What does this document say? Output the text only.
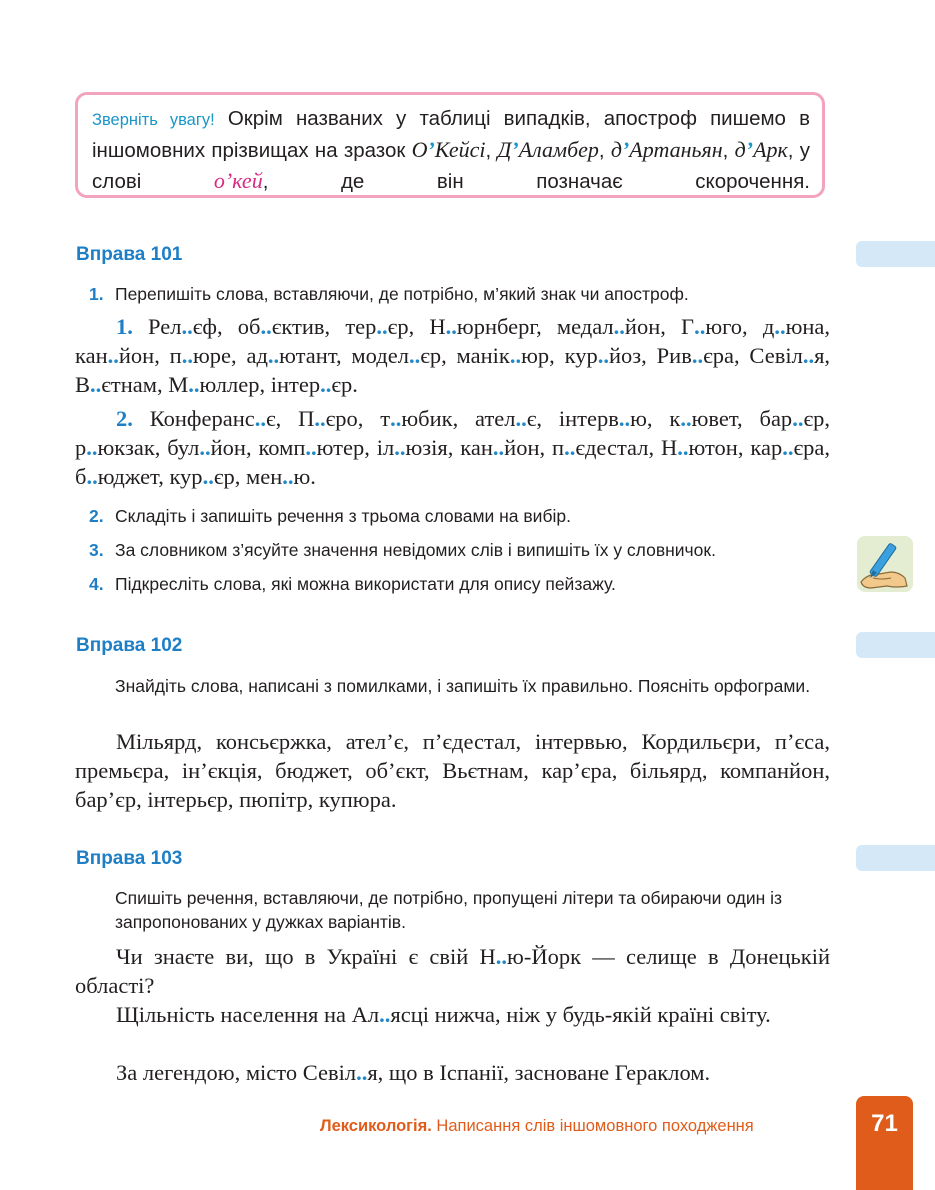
Зверніть увагу! Окрім названих у таблиці випадків, апостроф пишемо в іншомовних прізвищах на зразок О’Кейсі, Д’Аламбер, д’Артаньян, д’Арк, у слові о’кей, де він позначає скорочення.

Вправа 101

1. Перепишіть слова, вставляючи, де потрібно, м’який знак чи апостроф.

1. Рел..єф, об..єктив, тер..єр, Н..юрнберг, медал..йон, Г..юго, д..юна, кан..йон, п..юре, ад..ютант, модел..єр, манік..юр, кур..йоз, Рив..єра, Севіл..я, В..єтнам, М..юллер, інтер..єр.

2. Конферанс..є, П..єро, т..юбик, ател..є, інтерв..ю, к..ювет, бар..єр, р..юкзак, бул..йон, комп..ютер, іл..юзія, кан..йон, п..єдестал, Н..ютон, кар..єра, б..юджет, кур..єр, мен..ю.

2. Складіть і запишіть речення з трьома словами на вибір.

3. За словником з’ясуйте значення невідомих слів і випишіть їх у словничок.

4. Підкресліть слова, які можна використати для опису пейзажу.

Вправа 102

Знайдіть слова, написані з помилками, і запишіть їх правильно. Поясніть орфограми.

Мільярд, консьєржка, ател’є, п’єдестал, інтервью, Кордильєри, п’єса, премьєра, ін’єкція, бюджет, об’єкт, Вьєтнам, кар’єра, більярд, компанйон, бар’єр, інтерьєр, пюпітр, купюра.

Вправа 103

Спишіть речення, вставляючи, де потрібно, пропущені літери та обираючи один із запропонованих у дужках варіантів.

Чи знаєте ви, що в Україні є свій Н..ю-Йорк — селище в Донецькій області?

Щільність населення на Ал..ясці нижча, ніж у будь-якій країні світу.

За легендою, місто Севіл..я, що в Іспанії, засноване Гераклом.

Лексикологія. Написання слів іншомовного походження	71
